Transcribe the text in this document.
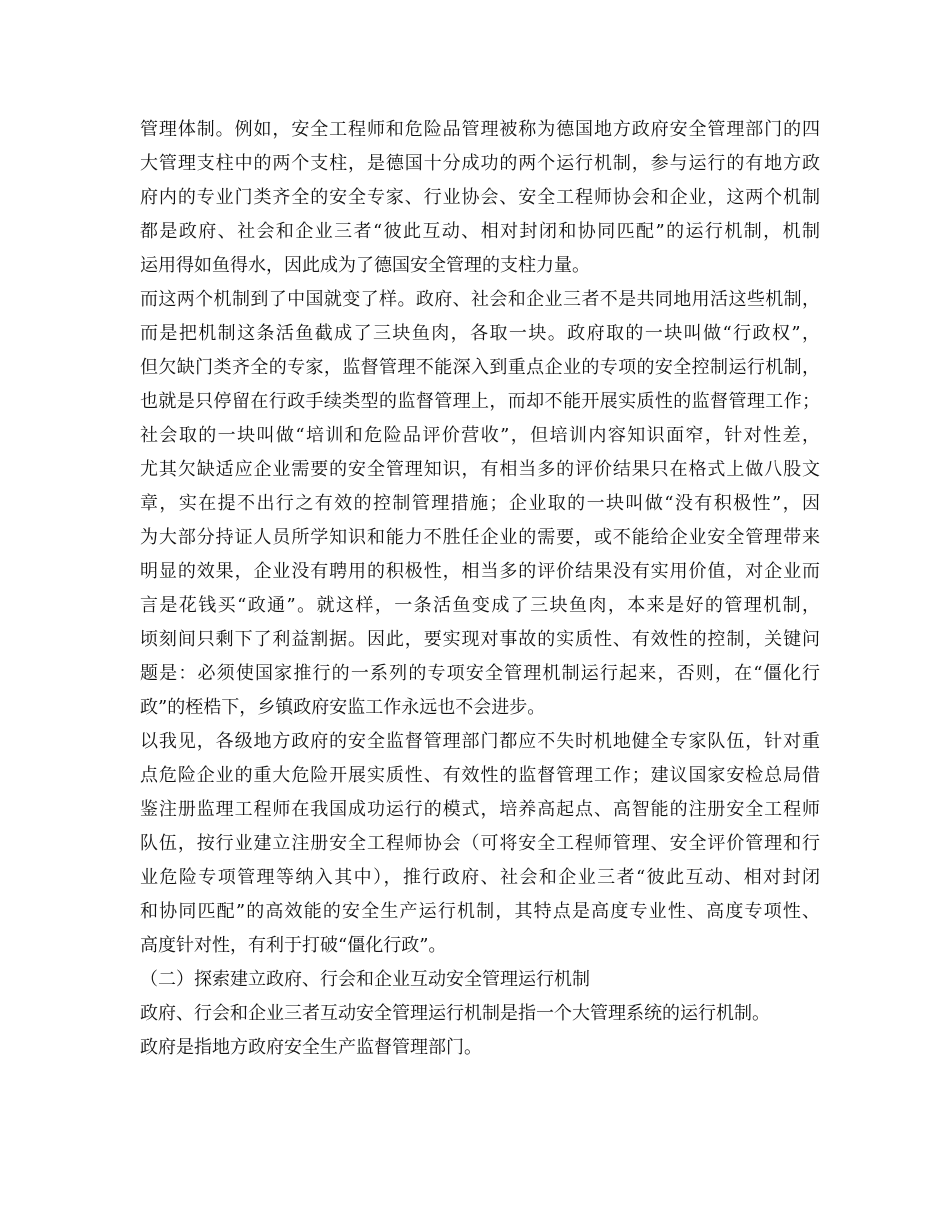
管理体制。例如，安全工程师和危险品管理被称为德国地方政府安全管理部门的四
大管理支柱中的两个支柱，是德国十分成功的两个运行机制，参与运行的有地方政
府内的专业门类齐全的安全专家、行业协会、安全工程师协会和企业，这两个机制
都是政府、社会和企业三者“彼此互动、相对封闭和协同匹配”的运行机制，机制
运用得如鱼得水，因此成为了德国安全管理的支柱力量。
而这两个机制到了中国就变了样。政府、社会和企业三者不是共同地用活这些机制，
而是把机制这条活鱼截成了三块鱼肉，各取一块。政府取的一块叫做“行政权”，
但欠缺门类齐全的专家，监督管理不能深入到重点企业的专项的安全控制运行机制，
也就是只停留在行政手续类型的监督管理上，而却不能开展实质性的监督管理工作；
社会取的一块叫做“培训和危险品评价营收”，但培训内容知识面窄，针对性差，
尤其欠缺适应企业需要的安全管理知识，有相当多的评价结果只在格式上做八股文
章，实在提不出行之有效的控制管理措施；企业取的一块叫做“没有积极性”，因
为大部分持证人员所学知识和能力不胜任企业的需要，或不能给企业安全管理带来
明显的效果，企业没有聘用的积极性，相当多的评价结果没有实用价值，对企业而
言是花钱买“政通”。就这样，一条活鱼变成了三块鱼肉，本来是好的管理机制，
顷刻间只剩下了利益割据。因此，要实现对事故的实质性、有效性的控制，关键问
题是：必须使国家推行的一系列的专项安全管理机制运行起来，否则，在“僵化行
政”的桎梏下，乡镇政府安监工作永远也不会进步。
以我见，各级地方政府的安全监督管理部门都应不失时机地健全专家队伍，针对重
点危险企业的重大危险开展实质性、有效性的监督管理工作；建议国家安检总局借
鉴注册监理工程师在我国成功运行的模式，培养高起点、高智能的注册安全工程师
队伍，按行业建立注册安全工程师协会（可将安全工程师管理、安全评价管理和行
业危险专项管理等纳入其中），推行政府、社会和企业三者“彼此互动、相对封闭
和协同匹配”的高效能的安全生产运行机制，其特点是高度专业性、高度专项性、
高度针对性，有利于打破“僵化行政”。
（二）探索建立政府、行会和企业互动安全管理运行机制
政府、行会和企业三者互动安全管理运行机制是指一个大管理系统的运行机制。
政府是指地方政府安全生产监督管理部门。
